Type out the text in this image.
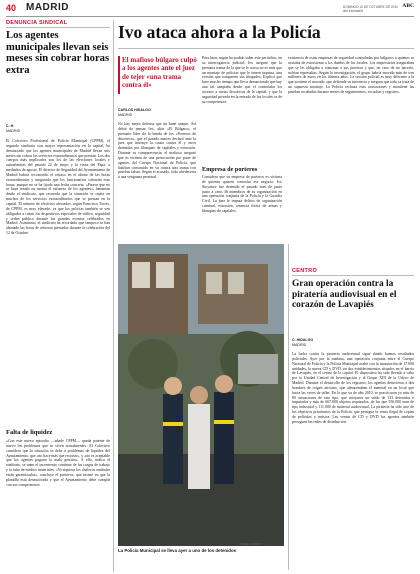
40 MADRID	DOMINGO 10 DE OCTUBRE DE 2010
abc.es/madrid
ABC
DENUNCIA SINDICAL
Los agentes municipales llevan seis meses sin cobrar horas extra
C. H.
MADRID
El Colectivo Profesional de Policía Municipal (CPPM), el segundo sindicato con mayor representación en la capital, ha denunciado que los agentes municipales de Madrid llevan seis meses sin cobrar los servicios extraordinarios que prestan. Los dos cuerpos más implicados son los de las elecciones locales y autonómicas del pasado 22 de mayo y la visita del Papa, a mediados de agosto. El director de Seguridad del Ayuntamiento de Madrid habría reconocido el retraso en el abono de las horas extraordinarias y asegurado que los funcionarios cobrarán esas horas, aunque no se ha fijado una fecha concreta. «Parece que no se haya tenido en cuenta el esfuerzo de los agentes», lamentan desde el sindicato, que recuerda que la situación se repite en muchos de los servicios extraordinarios que se prestan en la capital. El número de efectivos afectados, según Francisco Torres, de CPPM, es muy elevado, ya que los policías también se ven obligados a cubrir los dispositivos especiales de tráfico, seguridad y orden público durante los grandes eventos celebrados en Madrid. Asimismo, el sindicato ha recordado que tampoco se han abonado las horas de refuerzo prestadas durante la celebración del 12 de Octubre.
Falta de liquidez
«Con este nuevo episodio —añade CPPM— queda patente de nuevo los problemas que se viven actualmente». El Colectivo considera que la situación se debe a problemas de liquidez del Ayuntamiento, que «no hace más que recortar», y «no es aceptable que los agentes paguen la mala gestión». A ello, indica el sindicato, se unen el incremento continuo de las cargas de trabajo y la falta de medios materiales. «Ni siquiera los chalecos antibalas están garantizados», concluye el portavoz, que insiste en que la plantilla está desmotivada y que el Ayuntamiento debe cumplir con sus compromisos.
Ivo ataca ahora a la Policía
El mafioso búlgaro culpó a los agentes ante el juez de tejer «una trama contra él»
CARLOS HIDALGO
MADRID
No hay mejor defensa que un buen ataque. Así debió de pensar Ivo, alias «El Búlgaro», el presunto líder de la banda de los «Porteros de discoteca», que el pasado martes declaró ante la juez que instruye la causa contra él y otros detenidos por blanqueo de capitales y extorsión. Durante su comparecencia, el mafioso aseguró que es víctima de una persecución por parte de agentes del Cuerpo Nacional de Policía, que habrían construido en su contra una trama con pruebas falsas. Según el acusado, todo obedecería a una venganza personal.
Pues bien, según ha podido saber este periódico, en su interrogatorio judicial, Ivo aseguró que la presunta trama de la que se le acusa no es más que un montaje de policías que le tienen inquina, una versión que comparten sus abogados. Explicó que hace mucho tiempo que lleva denunciando que hay una tal campaña desde que el controlaba los accesos a varias discotecas de la capital, y que la seguridad privada en la entrada de los locales es de su competencia.
Empresa de porteros
Considera que su empresa de porteros es víctima de quienes quieren controlar ese negocio. Ivo Stoyanov fue detenido el pasado mes de junio junto a otros 36 miembros de su organización en una operación conjunta de la Policía y la Guardia Civil. La juez le imputa delitos de organización criminal, extorsión, tenencia ilícita de armas y blanqueo de capitales.
existencia de estas empresas de seguridad controladas por búlgaros a quienes se acusaba de extorsionar a los dueños de los locales. Los empresarios aseguraban que se les obligaba a contratar a sus porteros y que, en caso de no hacerlo, sufrían represalias. Según la investigación, el grupo habría movido más de tres millones de euros en los últimos años. La versión policial es muy diferente a la que sostiene el acusado, que defiende su inocencia y asegura que todo se trata de un supuesto montaje. La Policía rechaza esas acusaciones y mantiene las pruebas recabadas durante meses de seguimientos, escuchas y registros.
La Policía Municipal se lleva ayer a uno de los detenidos
ISABEL PERMUY
CENTRO
Gran operación contra la piratería audiovisual en el corazón de Lavapiés
C. HIDALGO
MADRID
La lucha contra la piratería audiovisual sigue dando buenos resultados policiales. Ayer por la mañana, una operación conjunta entre el Cuerpo Nacional de Policía y la Policía Municipal acabó con la incautación de 17.000 unidades, la nueva CD y DVD, en dos establecimientos situados en el barrio de Lavapiés, en el centro de la capital. El dispositivo ha sido llevado a cabo por la Unidad Central de Investigación y el Grupo XIII de la Udyco de Madrid. Durante el desarrollo de los registros, los agentes detuvieron a dos hombres de origen africano, que almacenaban el material en un local que hacía las veces de taller. En lo que va de año 2010, se practicaron ya más de 80 actuaciones de este tipo, que arrojaron un saldo de 133 detenidos e imputados y más de 667.000 objetos requisados, de los que 556.000 eran de tipo industrial y 111.000 de material audiovisual. La piratería ha sido uno de los objetivos prioritarios de la Policía, que persigue la venta ilegal de copias de películas y música. Las ventas de CD y DVD los agentes también persiguen las redes de distribución.
